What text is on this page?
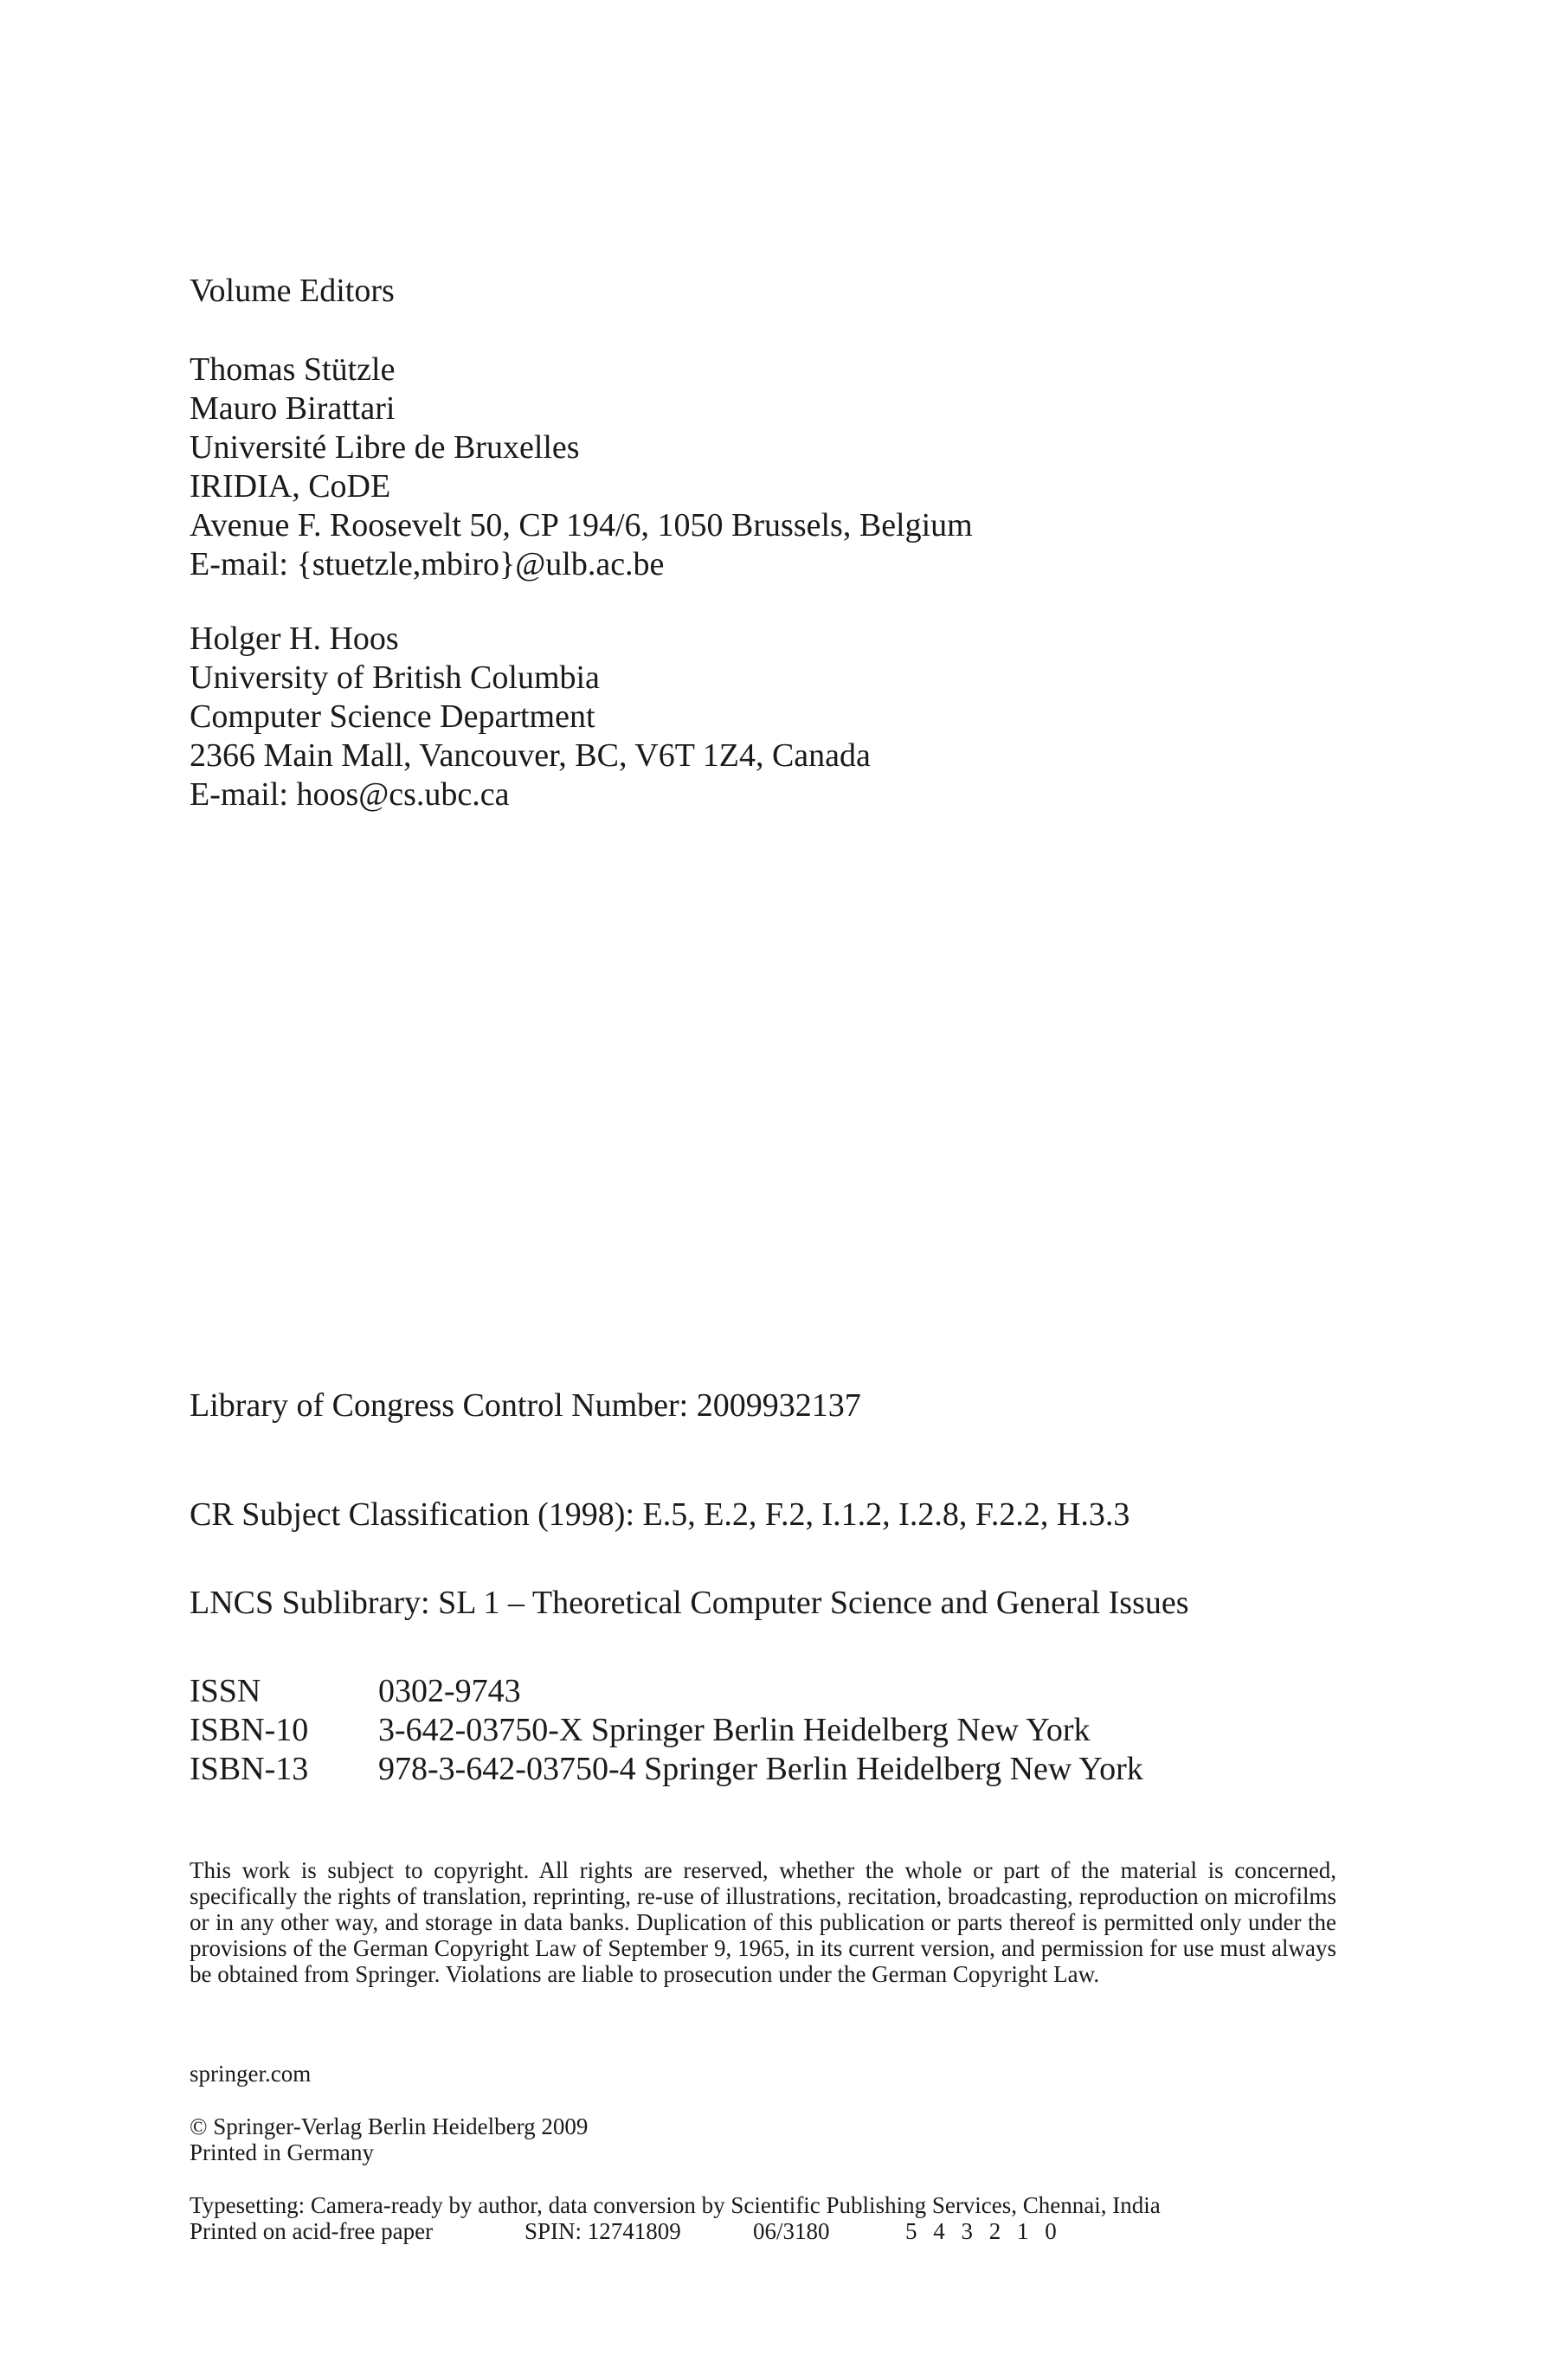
Volume Editors
Thomas Stützle
Mauro Birattari
Université Libre de Bruxelles
IRIDIA, CoDE
Avenue F. Roosevelt 50, CP 194/6, 1050 Brussels, Belgium
E-mail: {stuetzle,mbiro}@ulb.ac.be
Holger H. Hoos
University of British Columbia
Computer Science Department
2366 Main Mall, Vancouver, BC, V6T 1Z4, Canada
E-mail: hoos@cs.ubc.ca
Library of Congress Control Number: 2009932137
CR Subject Classification (1998): E.5, E.2, F.2, I.1.2, I.2.8, F.2.2, H.3.3
LNCS Sublibrary: SL 1 – Theoretical Computer Science and General Issues
ISSN	0302-9743
ISBN-10 3-642-03750-X Springer Berlin Heidelberg New York
ISBN-13 978-3-642-03750-4 Springer Berlin Heidelberg New York
This work is subject to copyright. All rights are reserved, whether the whole or part of the material is concerned, specifically the rights of translation, reprinting, re-use of illustrations, recitation, broadcasting, reproduction on microfilms or in any other way, and storage in data banks. Duplication of this publication or parts thereof is permitted only under the provisions of the German Copyright Law of September 9, 1965, in its current version, and permission for use must always be obtained from Springer. Violations are liable to prosecution under the German Copyright Law.
springer.com
© Springer-Verlag Berlin Heidelberg 2009
Printed in Germany
Typesetting: Camera-ready by author, data conversion by Scientific Publishing Services, Chennai, India
Printed on acid-free paper	SPIN: 12741809	06/3180	5 4 3 2 1 0
